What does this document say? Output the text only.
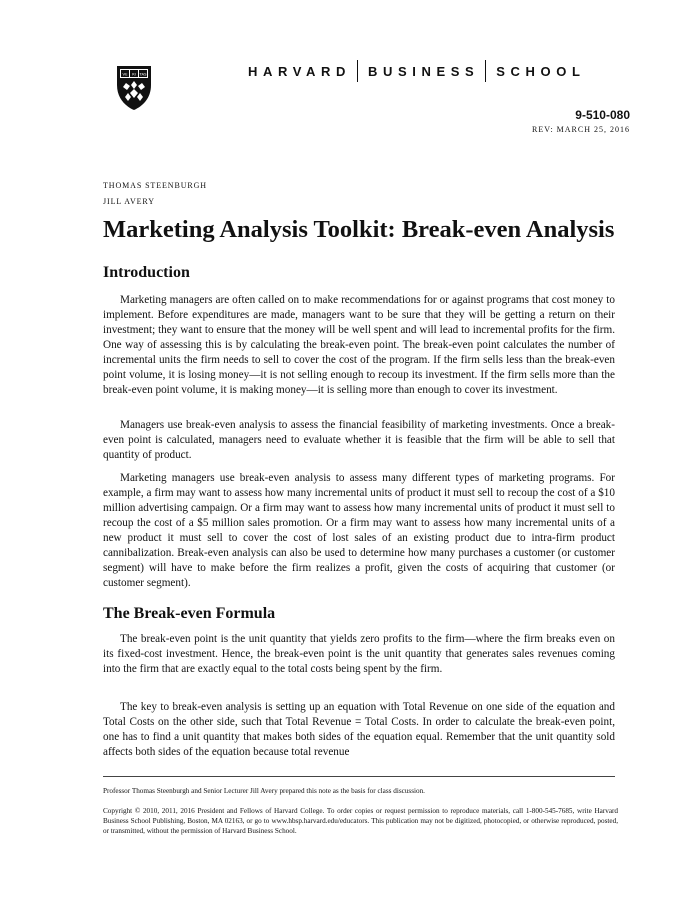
VE RI TAS	HARVARD BUSINESS SCHOOL
9-510-080
REV: MARCH 25, 2016
THOMAS STEENBURGH
JILL AVERY
Marketing Analysis Toolkit: Break-even Analysis
Introduction

Marketing managers are often called on to make recommendations for or against programs that cost money to implement. Before expenditures are made, managers want to be sure that they will be getting a return on their investment; they want to ensure that the money will be well spent and will lead to incremental profits for the firm. One way of assessing this is by calculating the break-even point. The break-even point calculates the number of incremental units the firm needs to sell to cover the cost of the program. If the firm sells less than the break-even point volume, it is losing money—it is not selling enough to recoup its investment. If the firm sells more than the break-even point volume, it is making money—it is selling more than enough to cover its investment.

Managers use break-even analysis to assess the financial feasibility of marketing investments. Once a break-even point is calculated, managers need to evaluate whether it is feasible that the firm will be able to sell that quantity of product.

Marketing managers use break-even analysis to assess many different types of marketing programs. For example, a firm may want to assess how many incremental units of product it must sell to recoup the cost of a $10 million advertising campaign. Or a firm may want to assess how many incremental units of product it must sell to recoup the cost of a $5 million sales promotion. Or a firm may want to assess how many incremental units of a new product it must sell to cover the cost of lost sales of an existing product due to intra-firm product cannibalization. Break-even analysis can also be used to determine how many purchases a customer (or customer segment) will have to make before the firm realizes a profit, given the costs of acquiring that customer (or customer segment).

The Break-even Formula

The break-even point is the unit quantity that yields zero profits to the firm—where the firm breaks even on its fixed-cost investment. Hence, the break-even point is the unit quantity that generates sales revenues coming into the firm that are exactly equal to the total costs being spent by the firm.

The key to break-even analysis is setting up an equation with Total Revenue on one side of the equation and Total Costs on the other side, such that Total Revenue = Total Costs. In order to calculate the break-even point, one has to find a unit quantity that makes both sides of the equation equal. Remember that the unit quantity sold affects both sides of the equation because total revenue

Professor Thomas Steenburgh and Senior Lecturer Jill Avery prepared this note as the basis for class discussion.

Copyright © 2010, 2011, 2016 President and Fellows of Harvard College. To order copies or request permission to reproduce materials, call 1-800-545-7685, write Harvard Business School Publishing, Boston, MA 02163, or go to www.hbsp.harvard.edu/educators. This publication may not be digitized, photocopied, or otherwise reproduced, posted, or transmitted, without the permission of Harvard Business School.
